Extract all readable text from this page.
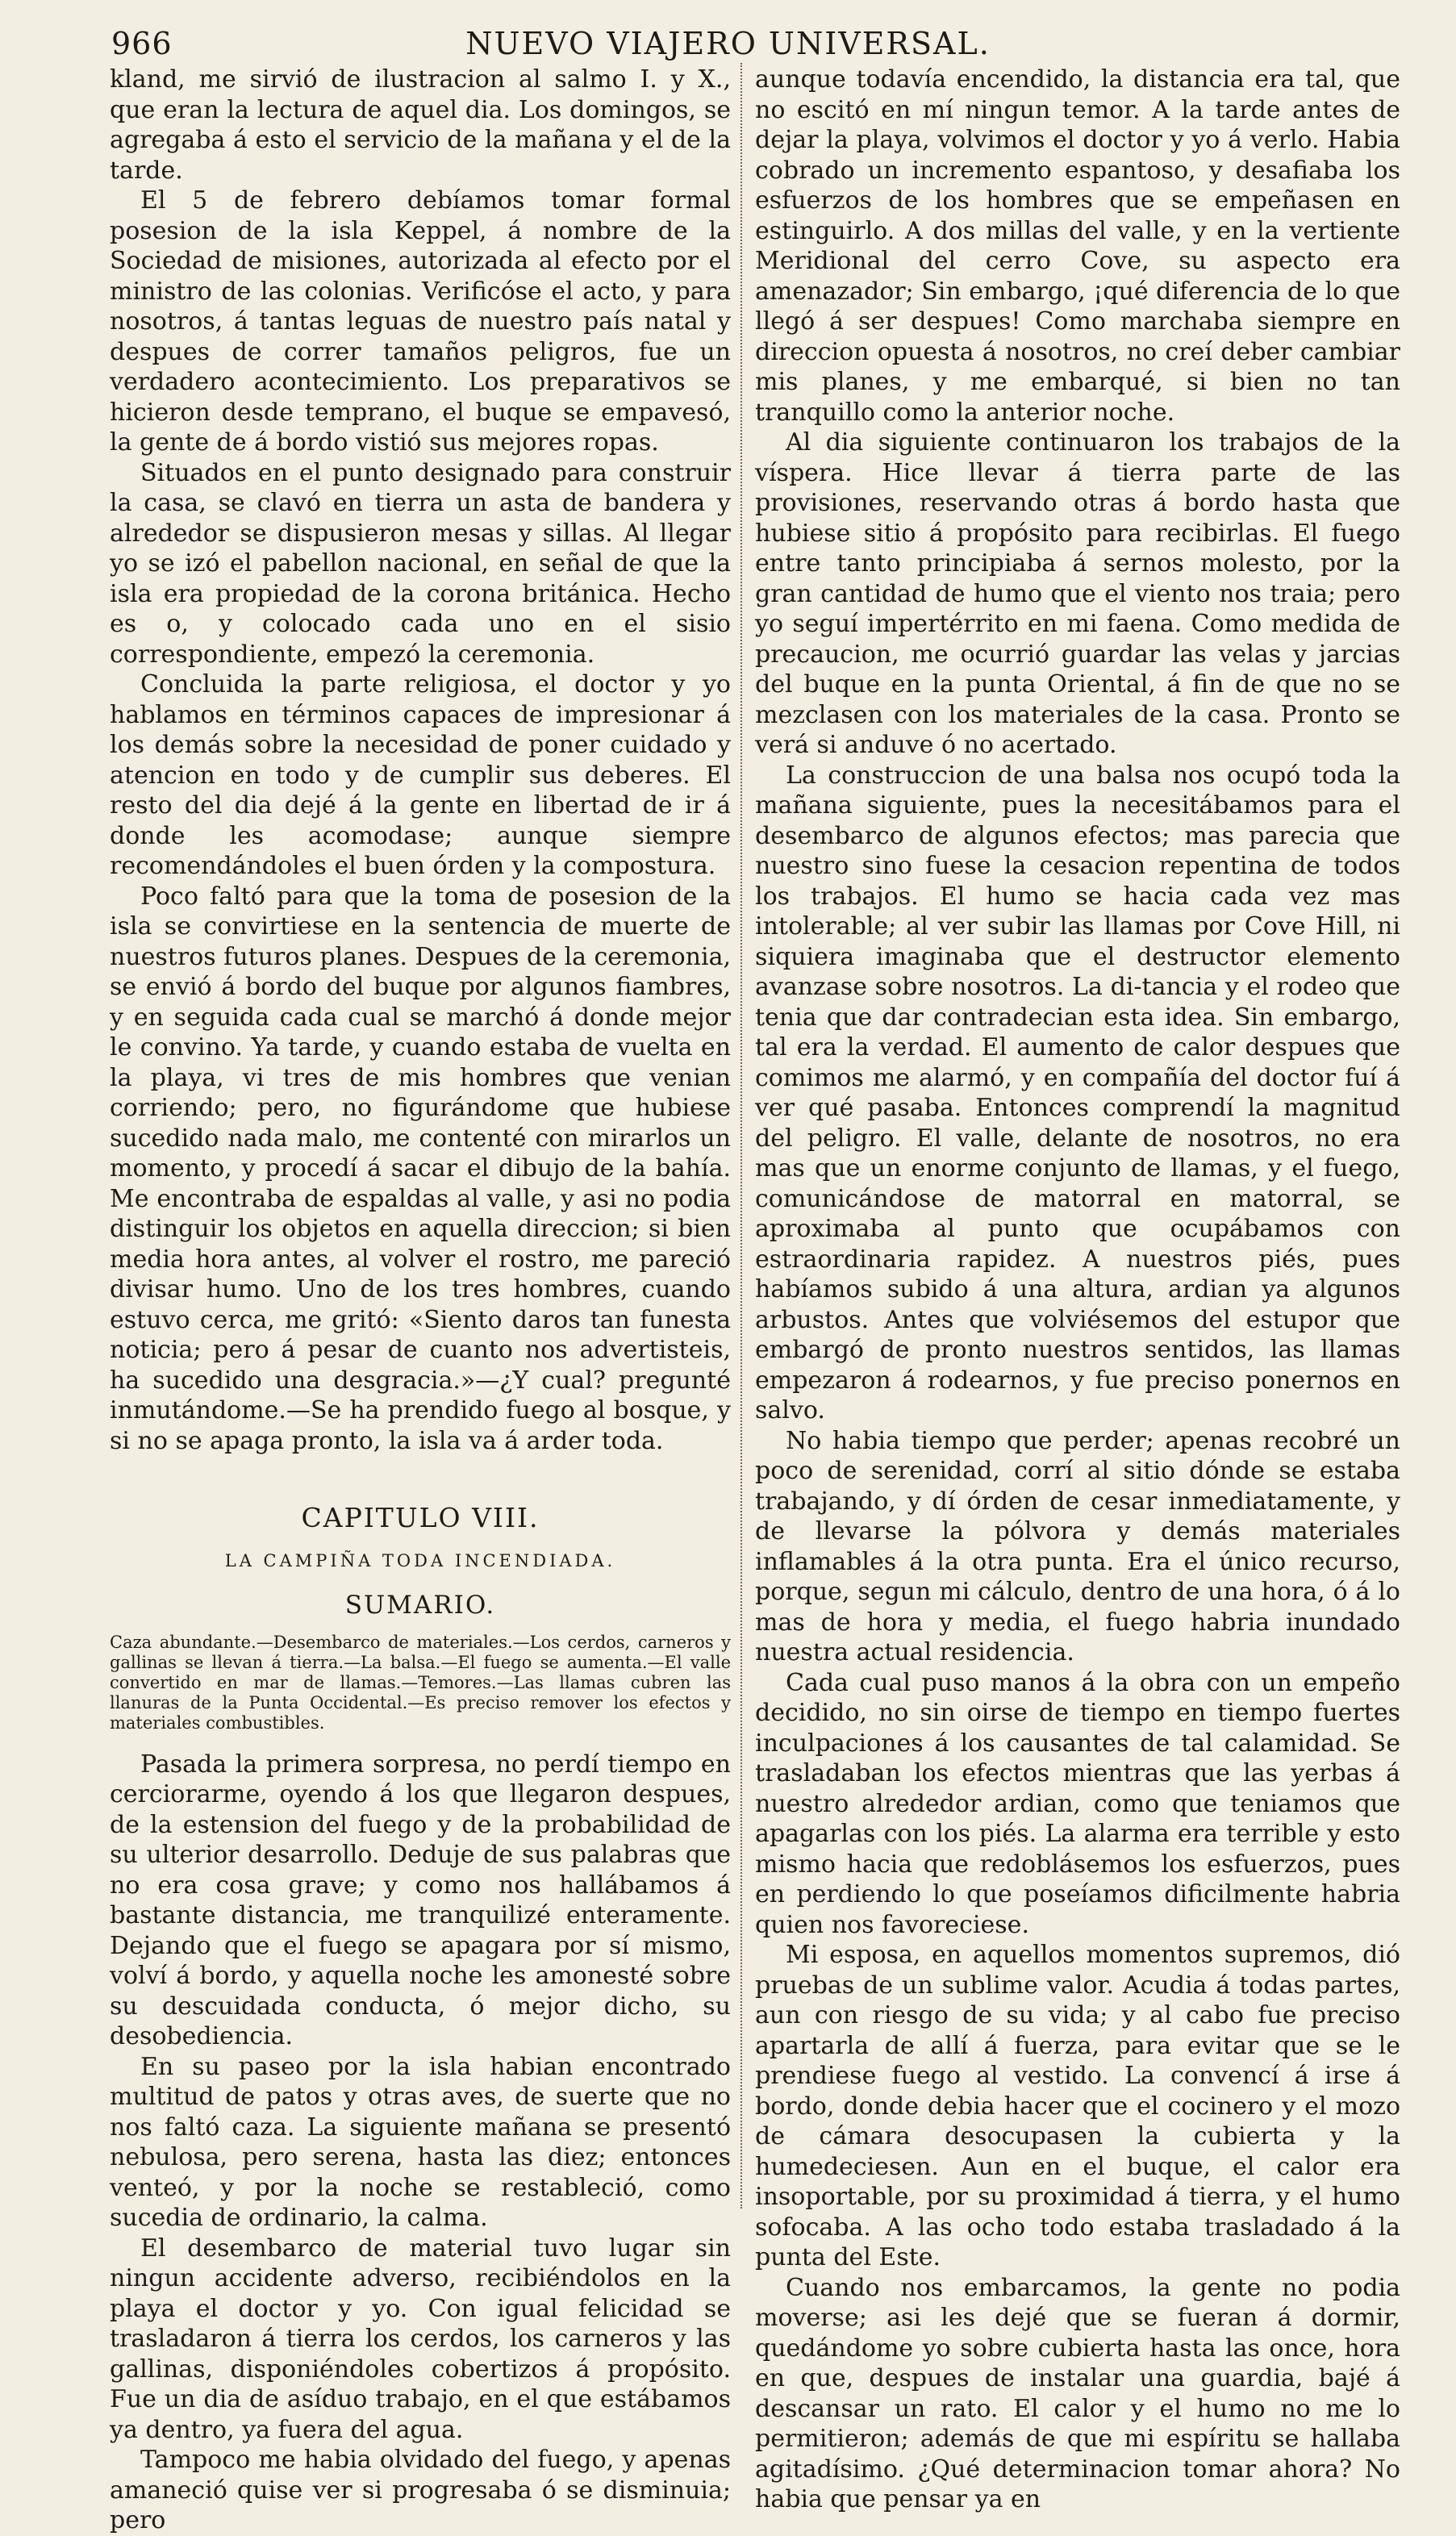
966	NUEVO VIAJERO UNIVERSAL.

kland, me sirvió de ilustracion al salmo I. y X., que eran la lectura de aquel dia. Los domingos, se agregaba á esto el servicio de la mañana y el de la tarde.

El 5 de febrero debíamos tomar formal posesion de la isla Keppel, á nombre de la Sociedad de misiones, autorizada al efecto por el ministro de las colonias. Verificóse el acto, y para nosotros, á tantas leguas de nuestro país natal y despues de correr tamaños peligros, fue un verdadero acontecimiento. Los preparativos se hicieron desde temprano, el buque se empavesó, la gente de á bordo vistió sus mejores ropas.

Situados en el punto designado para construir la casa, se clavó en tierra un asta de bandera y alrededor se dispusieron mesas y sillas. Al llegar yo se izó el pabellon nacional, en señal de que la isla era propiedad de la corona británica. Hecho es o, y colocado cada uno en el sisio correspondiente, empezó la ceremonia.

Concluida la parte religiosa, el doctor y yo hablamos en términos capaces de impresionar á los demás sobre la necesidad de poner cuidado y atencion en todo y de cumplir sus deberes. El resto del dia dejé á la gente en libertad de ir á donde les acomodase; aunque siempre recomendándoles el buen órden y la compostura.

Poco faltó para que la toma de posesion de la isla se convirtiese en la sentencia de muerte de nuestros futuros planes. Despues de la ceremonia, se envió á bordo del buque por algunos fiambres, y en seguida cada cual se marchó á donde mejor le convino. Ya tarde, y cuando estaba de vuelta en la playa, vi tres de mis hombres que venian corriendo; pero, no figurándome que hubiese sucedido nada malo, me contenté con mirarlos un momento, y procedí á sacar el dibujo de la bahía. Me encontraba de espaldas al valle, y asi no podia distinguir los objetos en aquella direccion; si bien media hora antes, al volver el rostro, me pareció divisar humo. Uno de los tres hombres, cuando estuvo cerca, me gritó: «Siento daros tan funesta noticia; pero á pesar de cuanto nos advertisteis, ha sucedido una desgracia.»—¿Y cual? pregunté inmutándome.—Se ha prendido fuego al bosque, y si no se apaga pronto, la isla va á arder toda.

CAPITULO VIII.
LA CAMPIÑA TODA INCENDIADA.
SUMARIO.

Caza abundante.—Desembarco de materiales.—Los cerdos, carneros y gallinas se llevan á tierra.—La balsa.—El fuego se aumenta.—El valle convertido en mar de llamas.—Temores.—Las llamas cubren las llanuras de la Punta Occidental.—Es preciso remover los efectos y materiales combustibles.

Pasada la primera sorpresa, no perdí tiempo en cerciorarme, oyendo á los que llegaron despues, de la estension del fuego y de la probabilidad de su ulterior desarrollo. Deduje de sus palabras que no era cosa grave; y como nos hallábamos á bastante distancia, me tranquilizé enteramente. Dejando que el fuego se apagara por sí mismo, volví á bordo, y aquella noche les amonesté sobre su descuidada conducta, ó mejor dicho, su desobediencia.

En su paseo por la isla habian encontrado multitud de patos y otras aves, de suerte que no nos faltó caza. La siguiente mañana se presentó nebulosa, pero serena, hasta las diez; entonces venteó, y por la noche se restableció, como sucedia de ordinario, la calma.

El desembarco de material tuvo lugar sin ningun accidente adverso, recibiéndolos en la playa el doctor y yo. Con igual felicidad se trasladaron á tierra los cerdos, los carneros y las gallinas, disponiéndoles cobertizos á propósito. Fue un dia de asíduo trabajo, en el que estábamos ya dentro, ya fuera del agua.

Tampoco me habia olvidado del fuego, y apenas amaneció quise ver si progresaba ó se disminuia; pero

aunque todavía encendido, la distancia era tal, que no escitó en mí ningun temor. A la tarde antes de dejar la playa, volvimos el doctor y yo á verlo. Habia cobrado un incremento espantoso, y desafiaba los esfuerzos de los hombres que se empeñasen en estinguirlo. A dos millas del valle, y en la vertiente Meridional del cerro Cove, su aspecto era amenazador; Sin embargo, ¡qué diferencia de lo que llegó á ser despues! Como marchaba siempre en direccion opuesta á nosotros, no creí deber cambiar mis planes, y me embarqué, si bien no tan tranquillo como la anterior noche.

Al dia siguiente continuaron los trabajos de la víspera. Hice llevar á tierra parte de las provisiones, reservando otras á bordo hasta que hubiese sitio á propósito para recibirlas. El fuego entre tanto principiaba á sernos molesto, por la gran cantidad de humo que el viento nos traia; pero yo seguí impertérrito en mi faena. Como medida de precaucion, me ocurrió guardar las velas y jarcias del buque en la punta Oriental, á fin de que no se mezclasen con los materiales de la casa. Pronto se verá si anduve ó no acertado.

La construccion de una balsa nos ocupó toda la mañana siguiente, pues la necesitábamos para el desembarco de algunos efectos; mas parecia que nuestro sino fuese la cesacion repentina de todos los trabajos. El humo se hacia cada vez mas intolerable; al ver subir las llamas por Cove Hill, ni siquiera imaginaba que el destructor elemento avanzase sobre nosotros. La di-tancia y el rodeo que tenia que dar contradecian esta idea. Sin embargo, tal era la verdad. El aumento de calor despues que comimos me alarmó, y en compañía del doctor fuí á ver qué pasaba. Entonces comprendí la magnitud del peligro. El valle, delante de nosotros, no era mas que un enorme conjunto de llamas, y el fuego, comunicándose de matorral en matorral, se aproximaba al punto que ocupábamos con estraordinaria rapidez. A nuestros piés, pues habíamos subido á una altura, ardian ya algunos arbustos. Antes que volviésemos del estupor que embargó de pronto nuestros sentidos, las llamas empezaron á rodearnos, y fue preciso ponernos en salvo.

No habia tiempo que perder; apenas recobré un poco de serenidad, corrí al sitio dónde se estaba trabajando, y dí órden de cesar inmediatamente, y de llevarse la pólvora y demás materiales inflamables á la otra punta. Era el único recurso, porque, segun mi cálculo, dentro de una hora, ó á lo mas de hora y media, el fuego habria inundado nuestra actual residencia.

Cada cual puso manos á la obra con un empeño decidido, no sin oirse de tiempo en tiempo fuertes inculpaciones á los causantes de tal calamidad. Se trasladaban los efectos mientras que las yerbas á nuestro alrededor ardian, como que teniamos que apagarlas con los piés. La alarma era terrible y esto mismo hacia que redoblásemos los esfuerzos, pues en perdiendo lo que poseíamos dificilmente habria quien nos favoreciese.

Mi esposa, en aquellos momentos supremos, dió pruebas de un sublime valor. Acudia á todas partes, aun con riesgo de su vida; y al cabo fue preciso apartarla de allí á fuerza, para evitar que se le prendiese fuego al vestido. La convencí á irse á bordo, donde debia hacer que el cocinero y el mozo de cámara desocupasen la cubierta y la humedeciesen. Aun en el buque, el calor era insoportable, por su proximidad á tierra, y el humo sofocaba. A las ocho todo estaba trasladado á la punta del Este.

Cuando nos embarcamos, la gente no podia moverse; asi les dejé que se fueran á dormir, quedándome yo sobre cubierta hasta las once, hora en que, despues de instalar una guardia, bajé á descansar un rato. El calor y el humo no me lo permitieron; además de que mi espíritu se hallaba agitadísimo. ¿Qué determinacion tomar ahora? No habia que pensar ya en
